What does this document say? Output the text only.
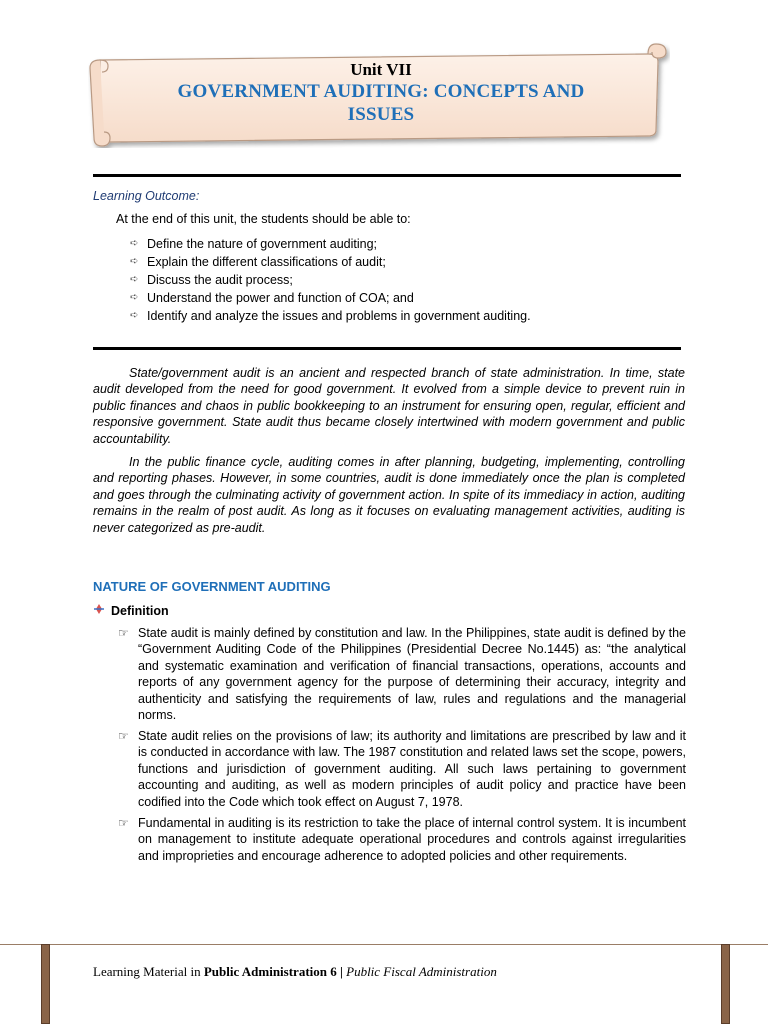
Unit VII
GOVERNMENT AUDITING: CONCEPTS AND
ISSUES
Learning Outcome:
At the end of this unit, the students should be able to:
➪ Define the nature of government auditing;
➪ Explain the different classifications of audit;
➪ Discuss the audit process;
➪ Understand the power and function of COA; and
➪ Identify and analyze the issues and problems in government auditing.

State/government audit is an ancient and respected branch of state administration. In time, state audit developed from the need for good government. It evolved from a simple device to prevent ruin in public finances and chaos in public bookkeeping to an instrument for ensuring open, regular, efficient and responsive government. State audit thus became closely intertwined with modern government and public accountability.

In the public finance cycle, auditing comes in after planning, budgeting, implementing, controlling and reporting phases. However, in some countries, audit is done immediately once the plan is completed and goes through the culminating activity of government action. In spite of its immediacy in action, auditing remains in the realm of post audit. As long as it focuses on evaluating management activities, auditing is never categorized as pre-audit.

NATURE OF GOVERNMENT AUDITING
Definition
☞ State audit is mainly defined by constitution and law. In the Philippines, state audit is defined by the “Government Auditing Code of the Philippines (Presidential Decree No.1445) as: “the analytical and systematic examination and verification of financial transactions, operations, accounts and reports of any government agency for the purpose of determining their accuracy, integrity and authenticity and satisfying the requirements of law, rules and regulations and the managerial norms.

☞ State audit relies on the provisions of law; its authority and limitations are prescribed by law and it is conducted in accordance with law. The 1987 constitution and related laws set the scope, powers, functions and jurisdiction of government auditing. All such laws pertaining to government accounting and auditing, as well as modern principles of audit policy and practice have been codified into the Code which took effect on August 7, 1978.

☞ Fundamental in auditing is its restriction to take the place of internal control system. It is incumbent on management to institute adequate operational procedures and controls against irregularities and improprieties and encourage adherence to adopted policies and other requirements.

Learning Material in Public Administration 6 | Public Fiscal Administration
